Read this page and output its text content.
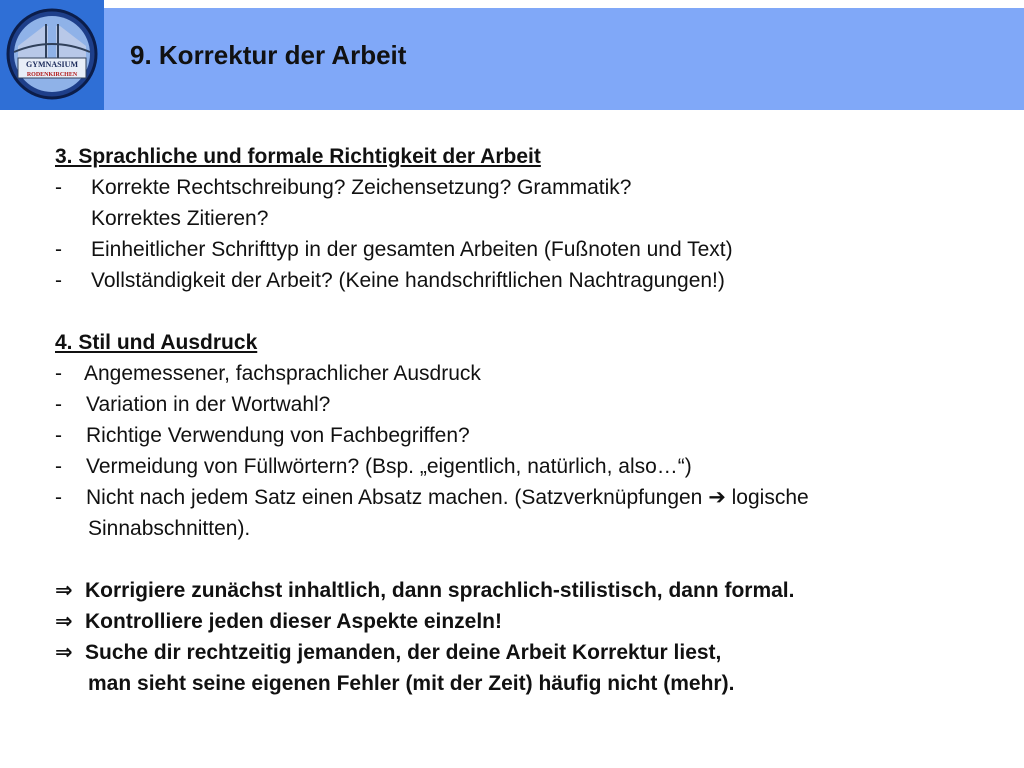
GYMNASIUM
RODENKIRCHEN
9. Korrektur der Arbeit
3. Sprachliche und formale Richtigkeit der Arbeit
- Korrekte Rechtschreibung? Zeichensetzung? Grammatik?
Korrektes Zitieren?
- Einheitlicher Schrifttyp in der gesamten Arbeiten (Fußnoten und Text)
- Vollständigkeit der Arbeit? (Keine handschriftlichen Nachtragungen!)
4. Stil und Ausdruck
- Angemessener, fachsprachlicher Ausdruck
- Variation in der Wortwahl?
- Richtige Verwendung von Fachbegriffen?
- Vermeidung von Füllwörtern? (Bsp. „eigentlich, natürlich, also…“)
- Nicht nach jedem Satz einen Absatz machen. (Satzverknüpfungen ➔ logische
Sinnabschnitten).
⇒ Korrigiere zunächst inhaltlich, dann sprachlich-stilistisch, dann formal.
⇒ Kontrolliere jeden dieser Aspekte einzeln!
⇒ Suche dir rechtzeitig jemanden, der deine Arbeit Korrektur liest,
man sieht seine eigenen Fehler (mit der Zeit) häufig nicht (mehr).
